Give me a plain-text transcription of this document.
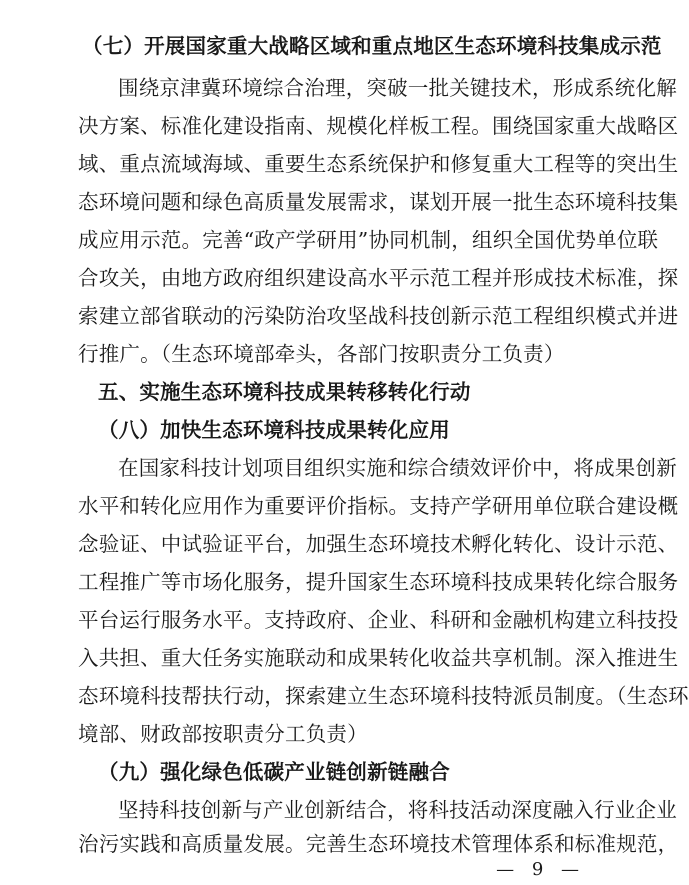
（七）开展国家重大战略区域和重点地区生态环境科技集成示范
围绕京津冀环境综合治理，突破一批关键技术，形成系统化解
决方案、标准化建设指南、规模化样板工程。围绕国家重大战略区
域、重点流域海域、重要生态系统保护和修复重大工程等的突出生
态环境问题和绿色高质量发展需求，谋划开展一批生态环境科技集
成应用示范。完善“政产学研用”协同机制，组织全国优势单位联
合攻关，由地方政府组织建设高水平示范工程并形成技术标准，探
索建立部省联动的污染防治攻坚战科技创新示范工程组织模式并进
行推广。（生态环境部牵头，各部门按职责分工负责）
五、实施生态环境科技成果转移转化行动
（八）加快生态环境科技成果转化应用
在国家科技计划项目组织实施和综合绩效评价中，将成果创新
水平和转化应用作为重要评价指标。支持产学研用单位联合建设概
念验证、中试验证平台，加强生态环境技术孵化转化、设计示范、
工程推广等市场化服务，提升国家生态环境科技成果转化综合服务
平台运行服务水平。支持政府、企业、科研和金融机构建立科技投
入共担、重大任务实施联动和成果转化收益共享机制。深入推进生
态环境科技帮扶行动，探索建立生态环境科技特派员制度。（生态环
境部、财政部按职责分工负责）
（九）强化绿色低碳产业链创新链融合
坚持科技创新与产业创新结合，将科技活动深度融入行业企业
治污实践和高质量发展。完善生态环境技术管理体系和标准规范，
— 9 —
